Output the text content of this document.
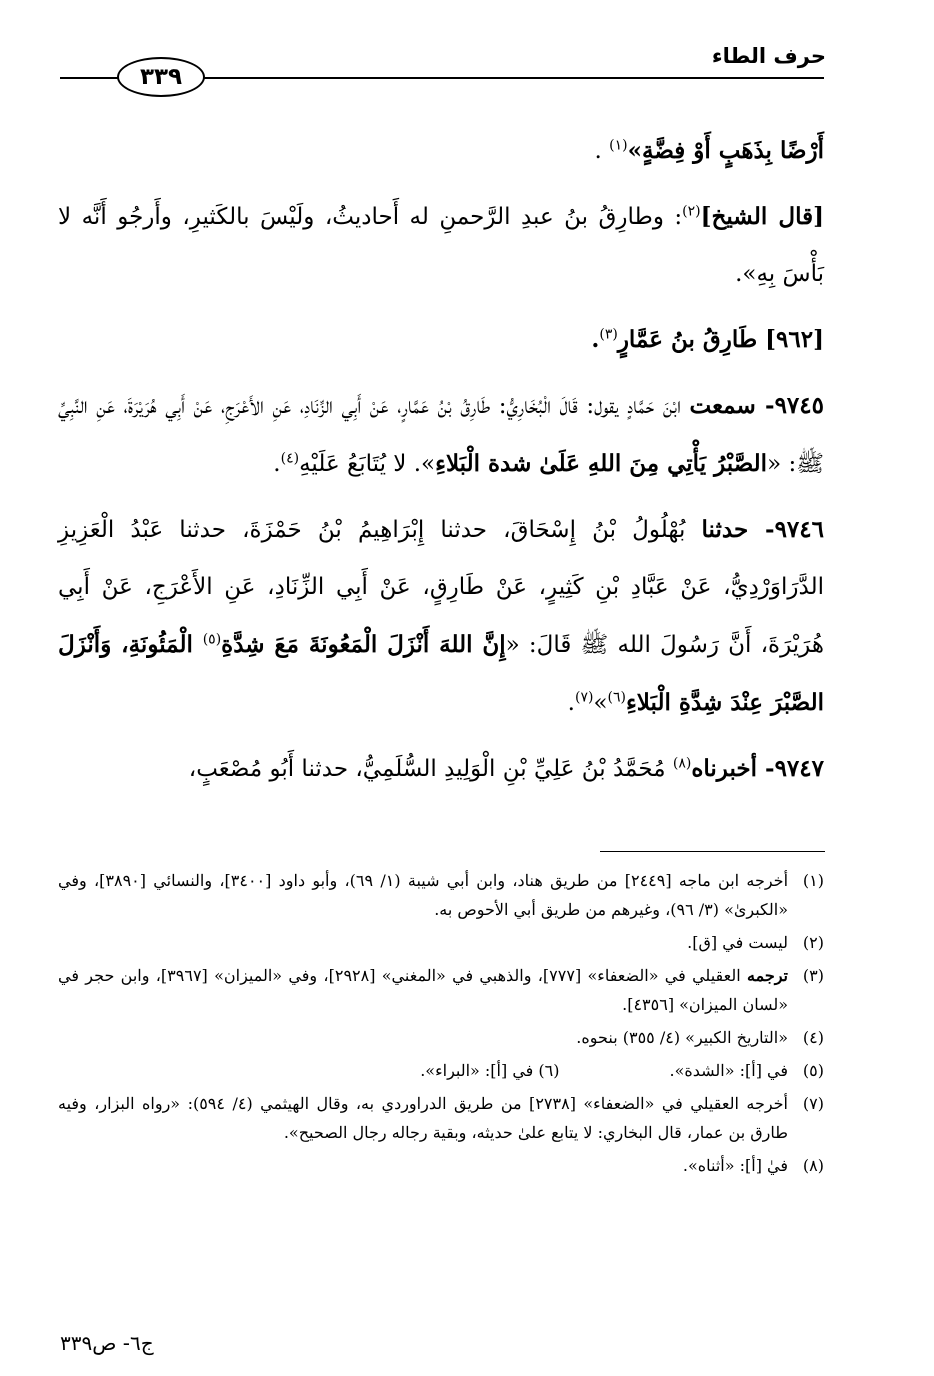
حرف الطاء
٣٣٩

أَرْضًا بِذَهَبٍ أَوْ فِضَّةٍ»$^{(١)}$ .

[قال الشيخ]$^{(٢)}$: وطارِقُ بنُ عبدِ الرَّحمنِ له أَحاديثُ، ولَيْسَ بالكَثيرِ، وأَرجُو أَنَّه لا بَأْسَ بِهِ».

[٩٦٢] طَارِقُ بنُ عَمَّارٍ$^{(٣)}$.

٩٧٤٥- سمعت ابْنَ حَمَّادٍ يقول: قَالَ الْبُخَارِيُّ: طَارِقُ بْنُ عَمَّارٍ، عَنْ أَبِي الزِّنَادِ، عَنِ الأَعْرَجِ، عَنْ أَبِي هُرَيْرَةَ، عَنِ النَّبِيِّ ﷺ: «الصَّبْرُ يَأْتِي مِنَ اللهِ عَلَىٰ شدة الْبَلاءِ». لا يُتَابَعُ عَلَيْهِ$^{(٤)}$.

٩٧٤٦- حدثنا بُهْلُولُ بْنُ إِسْحَاقَ، حدثنا إِبْرَاهِيمُ بْنُ حَمْزَةَ، حدثنا عَبْدُ الْعَزِيزِ الدَّرَاوَرْدِيُّ، عَنْ عَبَّادِ بْنِ كَثِيرٍ، عَنْ طَارِقٍ، عَنْ أَبِي الزِّنَادِ، عَنِ الأَعْرَجِ، عَنْ أَبِي هُرَيْرَةَ، أَنَّ رَسُولَ الله ﷺ قَالَ: «إِنَّ اللهَ أَنْزَلَ الْمَعُونَةَ مَعَ شِدَّةِ$^{(٥)}$ الْمَئُونَةِ، وَأَنْزَلَ الصَّبْرَ عِنْدَ شِدَّةِ الْبَلاءِ$^{(٦)}$»$^{(٧)}$.

٩٧٤٧- أخبرناه$^{(٨)}$ مُحَمَّدُ بْنُ عَلِيِّ بْنِ الْوَلِيدِ السُّلَمِيُّ، حدثنا أَبُو مُصْعَبٍ،

(١)
أخرجه ابن ماجه [٢٤٤٩] من طريق هناد، وابن أبي شيبة (١/ ٦٩)، وأبو داود [٣٤٠٠]، والنسائي [٣٨٩٠]، وفي «الكبرىٰ» (٣/ ٩٦)، وغيرهم من طريق أبي الأحوص به.
(٢)
ليست في [ق].
(٣)
ترجمه العقيلي في «الضعفاء» [٧٧٧]، والذهبي في «المغني» [٢٩٢٨]، وفي «الميزان» [٣٩٦٧]، وابن حجر في «لسان الميزان» [٤٣٥٦].
(٤)
«التاريخ الكبير» (٤/ ٣٥٥) بنحوه.
(٥)
في [أ]: «الشدة».
(٦) في [أ]: «البراء».
(٧)
أخرجه العقيلي في «الضعفاء» [٢٧٣٨] من طريق الدراوردي به، وقال الهيثمي (٤/ ٥٩٤): «رواه البزار، وفيه طارق بن عمار، قال البخاري: لا يتابع علىٰ حديثه، وبقية رجاله رجال الصحيح».
(٨)
فيٰ [أ]: «أثناه».
ج٦- ص٣٣٩
